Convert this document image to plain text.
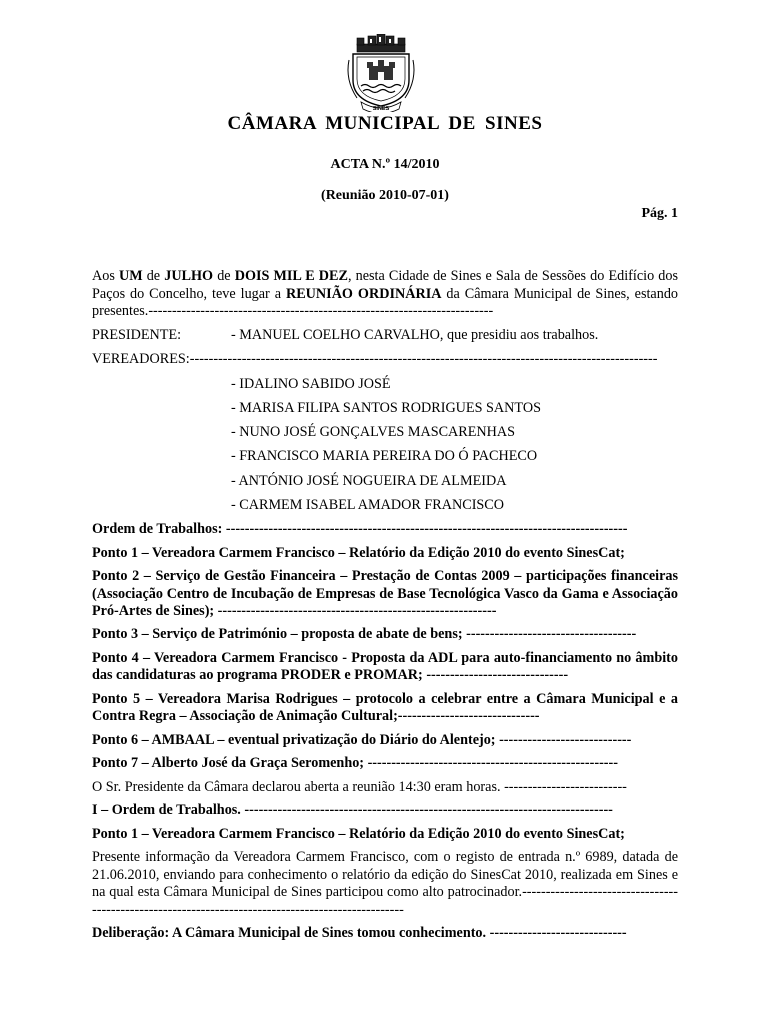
SINES
CÂMARA MUNICIPAL DE SINES
ACTA N.º 14/2010
(Reunião 2010-07-01)
Pág. 1

Aos UM de JULHO de DOIS MIL E DEZ, nesta Cidade de Sines e Sala de Sessões do Edifício dos Paços do Concelho, teve lugar a REUNIÃO ORDINÁRIA da Câmara Municipal de Sines, estando presentes.-------------------------------------------------------------------------

PRESIDENTE:	- MANUEL COELHO CARVALHO, que presidiu aos trabalhos.
VEREADORES:---------------------------------------------------------------------------------------------------
- IDALINO SABIDO JOSÉ
- MARISA FILIPA SANTOS RODRIGUES SANTOS
- NUNO JOSÉ GONÇALVES MASCARENHAS
- FRANCISCO MARIA PEREIRA DO Ó PACHECO
- ANTÓNIO JOSÉ NOGUEIRA DE ALMEIDA
- CARMEM ISABEL AMADOR FRANCISCO
Ordem de Trabalhos: -------------------------------------------------------------------------------------
Ponto 1 – Vereadora Carmem Francisco – Relatório da Edição 2010 do evento SinesCat;
Ponto 2 – Serviço de Gestão Financeira – Prestação de Contas 2009 – participações financeiras (Associação Centro de Incubação de Empresas de Base Tecnológica Vasco da Gama e Associação Pró-Artes de Sines); -----------------------------------------------------------
Ponto 3 – Serviço de Património – proposta de abate de bens; ------------------------------------
Ponto 4 – Vereadora Carmem Francisco - Proposta da ADL para auto-financiamento no âmbito das candidaturas ao programa PRODER e PROMAR; ------------------------------
Ponto 5 – Vereadora Marisa Rodrigues – protocolo a celebrar entre a Câmara Municipal e a Contra Regra – Associação de Animação Cultural;------------------------------
Ponto 6 – AMBAAL – eventual privatização do Diário do Alentejo; ----------------------------
Ponto 7 – Alberto José da Graça Seromenho; -----------------------------------------------------
O Sr. Presidente da Câmara declarou aberta a reunião 14:30 eram horas. --------------------------
I – Ordem de Trabalhos. ------------------------------------------------------------------------------
Ponto 1 – Vereadora Carmem Francisco – Relatório da Edição 2010 do evento SinesCat;
Presente informação da Vereadora Carmem Francisco, com o registo de entrada n.º 6989, datada de 21.06.2010, enviando para conhecimento o relatório da edição do SinesCat 2010, realizada em Sines e na qual esta Câmara Municipal de Sines participou como alto patrocinador.---------------------------------------------------------------------------------------------------
Deliberação: A Câmara Municipal de Sines tomou conhecimento. -----------------------------
